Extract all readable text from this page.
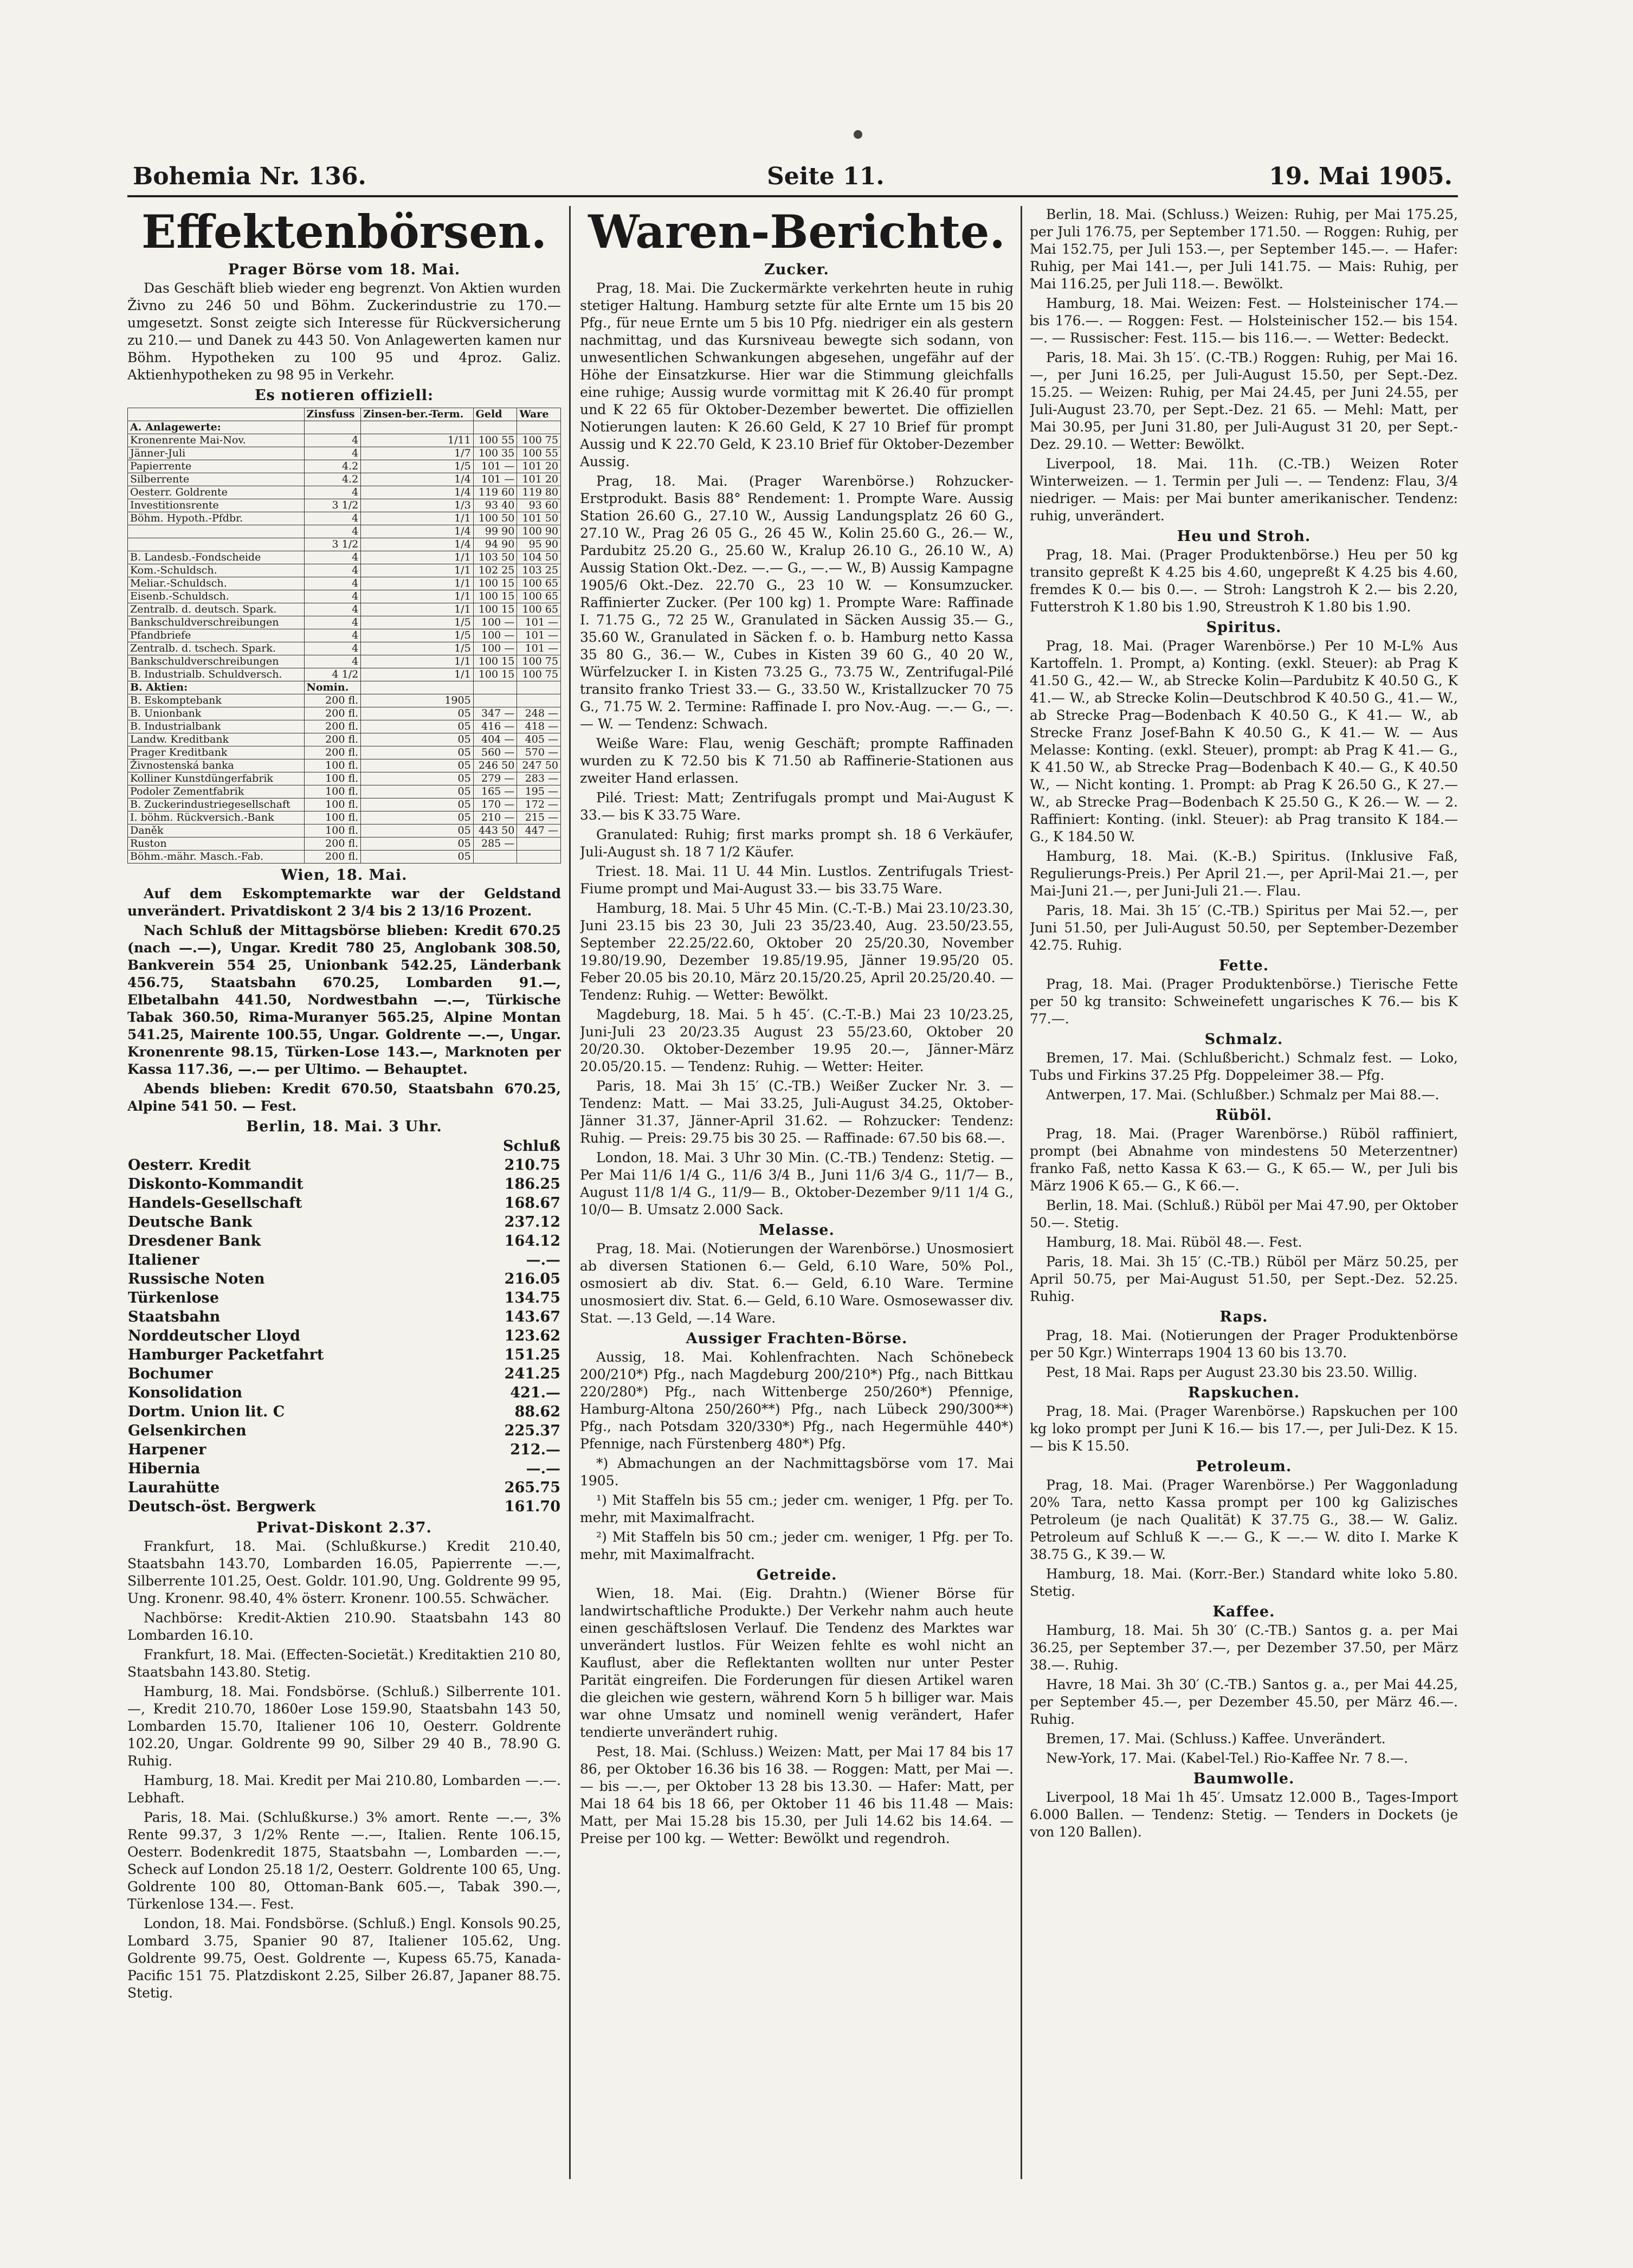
Bohemia Nr. 136.	Seite 11.	19. Mai 1905.
Effektenbörsen.
Prager Börse vom 18. Mai.
Das Geschäft blieb wieder eng begrenzt. Von Aktien wurden Živno zu 246 50 und Böhm. Zuckerindustrie zu 170.— umgesetzt. Sonst zeigte sich Interesse für Rückversicherung zu 210.— und Danek zu 443 50. Von Anlagewerten kamen nur Böhm. Hypotheken zu 100 95 und 4proz. Galiz. Aktienhypotheken zu 98 95 in Verkehr.
Es notieren offiziell:
	Zinsfuss	Zinsen-ber.-Term.	Geld	Ware
A. Anlagewerte:				
Kronenrente Mai-Nov.	4	1/11	100 55	100 75
Jänner-Juli	4	1/7	100 35	100 55
Papierrente	4.2	1/5	101 —	101 20
Silberrente	4.2	1/4	101 —	101 20
Oesterr. Goldrente	4	1/4	119 60	119 80
Investitionsrente	3 1/2	1/3	93 40	93 60
Böhm. Hypoth.-Pfdbr.	4	1/1	100 50	101 50
	4	1/4	99 90	100 90
	3 1/2	1/4	94 90	95 90
B. Landesb.-Fondscheide	4	1/1	103 50	104 50
Kom.-Schuldsch.	4	1/1	102 25	103 25
Meliar.-Schuldsch.	4	1/1	100 15	100 65
Eisenb.-Schuldsch.	4	1/1	100 15	100 65
Zentralb. d. deutsch. Spark.	4	1/1	100 15	100 65
Bankschuldverschreibungen	4	1/5	100 —	101 —
Pfandbriefe	4	1/5	100 —	101 —
Zentralb. d. tschech. Spark.	4	1/5	100 —	101 —
Bankschuldverschreibungen	4	1/1	100 15	100 75
B. Industrialb. Schuldversch.	4 1/2	1/1	100 15	100 75
B. Aktien:	Nomin.			
B. Eskomptebank	200 fl.	1905		
B. Unionbank	200 fl.	05	347 —	248 —
B. Industrialbank	200 fl.	05	416 —	418 —
Landw. Kreditbank	200 fl.	05	404 —	405 —
Prager Kreditbank	200 fl.	05	560 —	570 —
Živnostenská banka	100 fl.	05	246 50	247 50
Kolliner Kunstdüngerfabrik	100 fl.	05	279 —	283 —
Podoler Zementfabrik	100 fl.	05	165 —	195 —
B. Zuckerindustriegesellschaft	100 fl.	05	170 —	172 —
I. böhm. Rückversich.-Bank	100 fl.	05	210 —	215 —
Daněk	100 fl.	05	443 50	447 —
Ruston	200 fl.	05	285 —	
Böhm.-mähr. Masch.-Fab.	200 fl.	05		
Wien, 18. Mai.
Auf dem Eskomptemarkte war der Geldstand unverändert. Privatdiskont 2 3/4 bis 2 13/16 Prozent.
Nach Schluß der Mittagsbörse blieben: Kredit 670.25 (nach —.—), Ungar. Kredit 780 25, Anglobank 308.50, Bankverein 554 25, Unionbank 542.25, Länderbank 456.75, Staatsbahn 670.25, Lombarden 91.—, Elbetalbahn 441.50, Nordwestbahn —.—, Türkische Tabak 360.50, Rima-Muranyer 565.25, Alpine Montan 541.25, Mairente 100.55, Ungar. Goldrente —.—, Ungar. Kronenrente 98.15, Türken-Lose 143.—, Marknoten per Kassa 117.36, —.— per Ultimo. — Behauptet.
Abends blieben: Kredit 670.50, Staatsbahn 670.25, Alpine 541 50. — Fest.
Berlin, 18. Mai. 3 Uhr.
	Schluß
Oesterr. Kredit	210.75
Diskonto-Kommandit	186.25
Handels-Gesellschaft	168.67
Deutsche Bank	237.12
Dresdener Bank	164.12
Italiener	—.—
Russische Noten	216.05
Türkenlose	134.75
Staatsbahn	143.67
Norddeutscher Lloyd	123.62
Hamburger Packetfahrt	151.25
Bochumer	241.25
Konsolidation	421.—
Dortm. Union lit. C	88.62
Gelsenkirchen	225.37
Harpener	212.—
Hibernia	—.—
Laurahütte	265.75
Deutsch-öst. Bergwerk	161.70
Privat-Diskont 2.37.
Frankfurt, 18. Mai. (Schlußkurse.) Kredit 210.40, Staatsbahn 143.70, Lombarden 16.05, Papierrente —.—, Silberrente 101.25, Oest. Goldr. 101.90, Ung. Goldrente 99 95, Ung. Kronenr. 98.40, 4% österr. Kronenr. 100.55. Schwächer.
Nachbörse: Kredit-Aktien 210.90. Staatsbahn 143 80 Lombarden 16.10.
Frankfurt, 18. Mai. (Effecten-Societät.) Kreditaktien 210 80, Staatsbahn 143.80. Stetig.
Hamburg, 18. Mai. Fondsbörse. (Schluß.) Silberrente 101.—, Kredit 210.70, 1860er Lose 159.90, Staatsbahn 143 50, Lombarden 15.70, Italiener 106 10, Oesterr. Goldrente 102.20, Ungar. Goldrente 99 90, Silber 29 40 B., 78.90 G. Ruhig.
Hamburg, 18. Mai. Kredit per Mai 210.80, Lombarden —.—. Lebhaft.
Paris, 18. Mai. (Schlußkurse.) 3% amort. Rente —.—, 3% Rente 99.37, 3 1/2% Rente —.—, Italien. Rente 106.15, Oesterr. Bodenkredit 1875, Staatsbahn —, Lombarden —.—, Scheck auf London 25.18 1/2, Oesterr. Goldrente 100 65, Ung. Goldrente 100 80, Ottoman-Bank 605.—, Tabak 390.—, Türkenlose 134.—. Fest.
London, 18. Mai. Fondsbörse. (Schluß.) Engl. Konsols 90.25, Lombard 3.75, Spanier 90 87, Italiener 105.62, Ung. Goldrente 99.75, Oest. Goldrente —, Kupess 65.75, Kanada-Pacific 151 75. Platzdiskont 2.25, Silber 26.87, Japaner 88.75. Stetig.
Waren-Berichte.
Zucker.
Prag, 18. Mai. Die Zuckermärkte verkehrten heute in ruhig stetiger Haltung. Hamburg setzte für alte Ernte um 15 bis 20 Pfg., für neue Ernte um 5 bis 10 Pfg. niedriger ein als gestern nachmittag, und das Kursniveau bewegte sich sodann, von unwesentlichen Schwankungen abgesehen, ungefähr auf der Höhe der Einsatzkurse. Hier war die Stimmung gleichfalls eine ruhige; Aussig wurde vormittag mit K 26.40 für prompt und K 22 65 für Oktober-Dezember bewertet. Die offiziellen Notierungen lauten: K 26.60 Geld, K 27 10 Brief für prompt Aussig und K 22.70 Geld, K 23.10 Brief für Oktober-Dezember Aussig.
Prag, 18. Mai. (Prager Warenbörse.) Rohzucker-Erstprodukt. Basis 88° Rendement: 1. Prompte Ware. Aussig Station 26.60 G., 27.10 W., Aussig Landungsplatz 26 60 G., 27.10 W., Prag 26 05 G., 26 45 W., Kolin 25.60 G., 26.— W., Pardubitz 25.20 G., 25.60 W., Kralup 26.10 G., 26.10 W., A) Aussig Station Okt.-Dez. —.— G., —.— W., B) Aussig Kampagne 1905/6 Okt.-Dez. 22.70 G., 23 10 W. — Konsumzucker. Raffinierter Zucker. (Per 100 kg) 1. Prompte Ware: Raffinade I. 71.75 G., 72 25 W., Granulated in Säcken Aussig 35.— G., 35.60 W., Granulated in Säcken f. o. b. Hamburg netto Kassa 35 80 G., 36.— W., Cubes in Kisten 39 60 G., 40 20 W., Würfelzucker I. in Kisten 73.25 G., 73.75 W., Zentrifugal-Pilé transito franko Triest 33.— G., 33.50 W., Kristallzucker 70 75 G., 71.75 W. 2. Termine: Raffinade I. pro Nov.-Aug. —.— G., —.— W. — Tendenz: Schwach.
Weiße Ware: Flau, wenig Geschäft; prompte Raffinaden wurden zu K 72.50 bis K 71.50 ab Raffinerie-Stationen aus zweiter Hand erlassen.
Pilé. Triest: Matt; Zentrifugals prompt und Mai-August K 33.— bis K 33.75 Ware.
Granulated: Ruhig; first marks prompt sh. 18 6 Verkäufer, Juli-August sh. 18 7 1/2 Käufer.
Triest. 18. Mai. 11 U. 44 Min. Lustlos. Zentrifugals Triest-Fiume prompt und Mai-August 33.— bis 33.75 Ware.
Hamburg, 18. Mai. 5 Uhr 45 Min. (C.-T.-B.) Mai 23.10/23.30, Juni 23.15 bis 23 30, Juli 23 35/23.40, Aug. 23.50/23.55, September 22.25/22.60, Oktober 20 25/20.30, November 19.80/19.90, Dezember 19.85/19.95, Jänner 19.95/20 05. Feber 20.05 bis 20.10, März 20.15/20.25, April 20.25/20.40. — Tendenz: Ruhig. — Wetter: Bewölkt.
Magdeburg, 18. Mai. 5 h 45′. (C.-T.-B.) Mai 23 10/23.25, Juni-Juli 23 20/23.35 August 23 55/23.60, Oktober 20 20/20.30. Oktober-Dezember 19.95 20.—, Jänner-März 20.05/20.15. — Tendenz: Ruhig. — Wetter: Heiter.
Paris, 18. Mai 3h 15′ (C.-TB.) Weißer Zucker Nr. 3. — Tendenz: Matt. — Mai 33.25, Juli-August 34.25, Oktober-Jänner 31.37, Jänner-April 31.62. — Rohzucker: Tendenz: Ruhig. — Preis: 29.75 bis 30 25. — Raffinade: 67.50 bis 68.—.
London, 18. Mai. 3 Uhr 30 Min. (C.-TB.) Tendenz: Stetig. — Per Mai 11/6 1/4 G., 11/6 3/4 B., Juni 11/6 3/4 G., 11/7— B., August 11/8 1/4 G., 11/9— B., Oktober-Dezember 9/11 1/4 G., 10/0— B. Umsatz 2.000 Sack.
Melasse.
Prag, 18. Mai. (Notierungen der Warenbörse.) Unosmosiert ab diversen Stationen 6.— Geld, 6.10 Ware, 50% Pol., osmosiert ab div. Stat. 6.— Geld, 6.10 Ware. Termine unosmosiert div. Stat. 6.— Geld, 6.10 Ware. Osmosewasser div. Stat. —.13 Geld, —.14 Ware.
Aussiger Frachten-Börse.
Aussig, 18. Mai. Kohlenfrachten. Nach Schönebeck 200/210*) Pfg., nach Magdeburg 200/210*) Pfg., nach Bittkau 220/280*) Pfg., nach Wittenberge 250/260*) Pfennige, Hamburg-Altona 250/260**) Pfg., nach Lübeck 290/300**) Pfg., nach Potsdam 320/330*) Pfg., nach Hegermühle 440*) Pfennige, nach Fürstenberg 480*) Pfg.
*) Abmachungen an der Nachmittagsbörse vom 17. Mai 1905.
¹) Mit Staffeln bis 55 cm.; jeder cm. weniger, 1 Pfg. per To. mehr, mit Maximalfracht.
²) Mit Staffeln bis 50 cm.; jeder cm. weniger, 1 Pfg. per To. mehr, mit Maximalfracht.
Getreide.
Wien, 18. Mai. (Eig. Drahtn.) (Wiener Börse für landwirtschaftliche Produkte.) Der Verkehr nahm auch heute einen geschäftslosen Verlauf. Die Tendenz des Marktes war unverändert lustlos. Für Weizen fehlte es wohl nicht an Kauflust, aber die Reflektanten wollten nur unter Pester Parität eingreifen. Die Forderungen für diesen Artikel waren die gleichen wie gestern, während Korn 5 h billiger war. Mais war ohne Umsatz und nominell wenig verändert, Hafer tendierte unverändert ruhig.
Pest, 18. Mai. (Schluss.) Weizen: Matt, per Mai 17 84 bis 17 86, per Oktober 16.36 bis 16 38. — Roggen: Matt, per Mai —.— bis —.—, per Oktober 13 28 bis 13.30. — Hafer: Matt, per Mai 18 64 bis 18 66, per Oktober 11 46 bis 11.48 — Mais: Matt, per Mai 15.28 bis 15.30, per Juli 14.62 bis 14.64. — Preise per 100 kg. — Wetter: Bewölkt und regendroh.
Berlin, 18. Mai. (Schluss.) Weizen: Ruhig, per Mai 175.25, per Juli 176.75, per September 171.50. — Roggen: Ruhig, per Mai 152.75, per Juli 153.—, per September 145.—. — Hafer: Ruhig, per Mai 141.—, per Juli 141.75. — Mais: Ruhig, per Mai 116.25, per Juli 118.—. Bewölkt.
Hamburg, 18. Mai. Weizen: Fest. — Holsteinischer 174.— bis 176.—. — Roggen: Fest. — Holsteinischer 152.— bis 154.—. — Russischer: Fest. 115.— bis 116.—. — Wetter: Bedeckt.
Paris, 18. Mai. 3h 15′. (C.-TB.) Roggen: Ruhig, per Mai 16.—, per Juni 16.25, per Juli-August 15.50, per Sept.-Dez. 15.25. — Weizen: Ruhig, per Mai 24.45, per Juni 24.55, per Juli-August 23.70, per Sept.-Dez. 21 65. — Mehl: Matt, per Mai 30.95, per Juni 31.80, per Juli-August 31 20, per Sept.-Dez. 29.10. — Wetter: Bewölkt.
Liverpool, 18. Mai. 11h. (C.-TB.) Weizen Roter Winterweizen. — 1. Termin per Juli —. — Tendenz: Flau, 3/4 niedriger. — Mais: per Mai bunter amerikanischer. Tendenz: ruhig, unverändert.
Heu und Stroh.
Prag, 18. Mai. (Prager Produktenbörse.) Heu per 50 kg transito gepreßt K 4.25 bis 4.60, ungepreßt K 4.25 bis 4.60, fremdes K 0.— bis 0.—. — Stroh: Langstroh K 2.— bis 2.20, Futterstroh K 1.80 bis 1.90, Streustroh K 1.80 bis 1.90.
Spiritus.
Prag, 18. Mai. (Prager Warenbörse.) Per 10 M-L% Aus Kartoffeln. 1. Prompt, a) Konting. (exkl. Steuer): ab Prag K 41.50 G., 42.— W., ab Strecke Kolin—Pardubitz K 40.50 G., K 41.— W., ab Strecke Kolin—Deutschbrod K 40.50 G., 41.— W., ab Strecke Prag—Bodenbach K 40.50 G., K 41.— W., ab Strecke Franz Josef-Bahn K 40.50 G., K 41.— W. — Aus Melasse: Konting. (exkl. Steuer), prompt: ab Prag K 41.— G., K 41.50 W., ab Strecke Prag—Bodenbach K 40.— G., K 40.50 W., — Nicht konting. 1. Prompt: ab Prag K 26.50 G., K 27.— W., ab Strecke Prag—Bodenbach K 25.50 G., K 26.— W. — 2. Raffiniert: Konting. (inkl. Steuer): ab Prag transito K 184.— G., K 184.50 W.
Hamburg, 18. Mai. (K.-B.) Spiritus. (Inklusive Faß, Regulierungs-Preis.) Per April 21.—, per April-Mai 21.—, per Mai-Juni 21.—, per Juni-Juli 21.—. Flau.
Paris, 18. Mai. 3h 15′ (C.-TB.) Spiritus per Mai 52.—, per Juni 51.50, per Juli-August 50.50, per September-Dezember 42.75. Ruhig.
Fette.
Prag, 18. Mai. (Prager Produktenbörse.) Tierische Fette per 50 kg transito: Schweinefett ungarisches K 76.— bis K 77.—.
Schmalz.
Bremen, 17. Mai. (Schlußbericht.) Schmalz fest. — Loko, Tubs und Firkins 37.25 Pfg. Doppeleimer 38.— Pfg.
Antwerpen, 17. Mai. (Schlußber.) Schmalz per Mai 88.—.
Rüböl.
Prag, 18. Mai. (Prager Warenbörse.) Rüböl raffiniert, prompt (bei Abnahme von mindestens 50 Meterzentner) franko Faß, netto Kassa K 63.— G., K 65.— W., per Juli bis März 1906 K 65.— G., K 66.—.
Berlin, 18. Mai. (Schluß.) Rüböl per Mai 47.90, per Oktober 50.—. Stetig.
Hamburg, 18. Mai. Rüböl 48.—. Fest.
Paris, 18. Mai. 3h 15′ (C.-TB.) Rüböl per März 50.25, per April 50.75, per Mai-August 51.50, per Sept.-Dez. 52.25. Ruhig.
Raps.
Prag, 18. Mai. (Notierungen der Prager Produktenbörse per 50 Kgr.) Winterraps 1904 13 60 bis 13.70.
Pest, 18 Mai. Raps per August 23.30 bis 23.50. Willig.
Rapskuchen.
Prag, 18. Mai. (Prager Warenbörse.) Rapskuchen per 100 kg loko prompt per Juni K 16.— bis 17.—, per Juli-Dez. K 15.— bis K 15.50.
Petroleum.
Prag, 18. Mai. (Prager Warenbörse.) Per Waggonladung 20% Tara, netto Kassa prompt per 100 kg Galizisches Petroleum (je nach Qualität) K 37.75 G., 38.— W. Galiz. Petroleum auf Schluß K —.— G., K —.— W. dito I. Marke K 38.75 G., K 39.— W.
Hamburg, 18. Mai. (Korr.-Ber.) Standard white loko 5.80. Stetig.
Kaffee.
Hamburg, 18. Mai. 5h 30′ (C.-TB.) Santos g. a. per Mai 36.25, per September 37.—, per Dezember 37.50, per März 38.—. Ruhig.
Havre, 18 Mai. 3h 30′ (C.-TB.) Santos g. a., per Mai 44.25, per September 45.—, per Dezember 45.50, per März 46.—. Ruhig.
Bremen, 17. Mai. (Schluss.) Kaffee. Unverändert.
New-York, 17. Mai. (Kabel-Tel.) Rio-Kaffee Nr. 7 8.—.
Baumwolle.
Liverpool, 18 Mai 1h 45′. Umsatz 12.000 B., Tages-Import 6.000 Ballen. — Tendenz: Stetig. — Tenders in Dockets (je von 120 Ballen).
